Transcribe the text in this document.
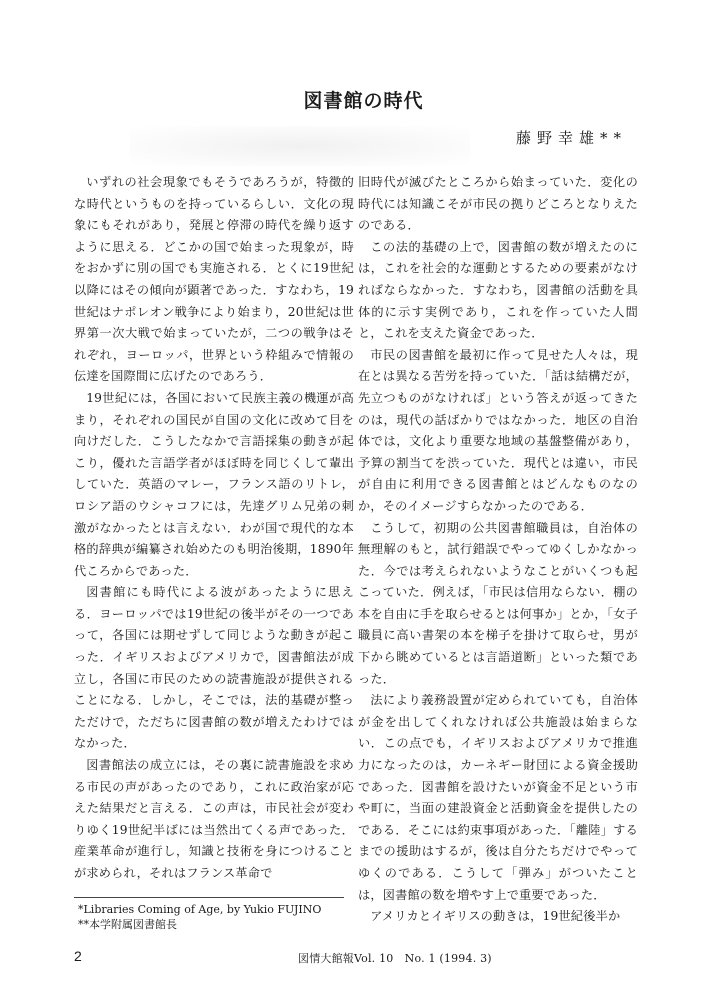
図書館の時代
藤野幸雄**

いずれの社会現象でもそうであろうが，特徴的な時代というものを持っているらしい．文化の現象にもそれがあり，発展と停滞の時代を繰り返すように思える．どこかの国で始まった現象が，時をおかずに別の国でも実施される．とくに19世紀以降にはその傾向が顕著であった．すなわち，19世紀はナポレオン戦争により始まり，20世紀は世界第一次大戦で始まっていたが，二つの戦争はそれぞれ，ヨーロッパ，世界という枠組みで情報の伝達を国際間に広げたのであろう．

19世紀には，各国において民族主義の機運が高まり，それぞれの国民が自国の文化に改めて目を向けだした．こうしたなかで言語採集の動きが起こり，優れた言語学者がほぼ時を同じくして輩出していた．英語のマレー，フランス語のリトレ，ロシア語のウシャコフには，先達グリム兄弟の刺激がなかったとは言えない．わが国で現代的な本格的辞典が編纂され始めたのも明治後期，1890年代ころからであった．

図書館にも時代による波があったように思える．ヨーロッパでは19世紀の後半がその一つであって，各国には期せずして同じような動きが起こった．イギリスおよびアメリカで，図書館法が成立し，各国に市民のための読書施設が提供されることになる．しかし，そこでは，法的基礎が整っただけで，ただちに図書館の数が増えたわけではなかった．

図書館法の成立には，その裏に読書施設を求める市民の声があったのであり，これに政治家が応えた結果だと言える．この声は，市民社会が変わりゆく19世紀半ばには当然出てくる声であった．産業革命が進行し，知識と技術を身につけることが求められ，それはフランス革命で

旧時代が滅びたところから始まっていた．変化の時代には知識こそが市民の拠りどころとなりえたのである．

この法的基礎の上で，図書館の数が増えたのには，これを社会的な運動とするための要素がなければならなかった．すなわち，図書館の活動を具体的に示す実例であり，これを作っていた人間と，これを支えた資金であった．

市民の図書館を最初に作って見せた人々は，現在とは異なる苦労を持っていた．「話は結構だが，先立つものがなければ」という答えが返ってきたのは，現代の話ばかりではなかった．地区の自治体では，文化より重要な地域の基盤整備があり，予算の割当てを渋っていた．現代とは違い，市民が自由に利用できる図書館とはどんなものなのか，そのイメージすらなかったのである．

こうして，初期の公共図書館職員は，自治体の無理解のもと，試行錯誤でやってゆくしかなかった．今では考えられないようなことがいくつも起こっていた．例えば，「市民は信用ならない．棚の本を自由に手を取らせるとは何事か」とか，「女子職員に高い書架の本を梯子を掛けて取らせ，男が下から眺めているとは言語道断」といった類であった．

法により義務設置が定められていても，自治体が金を出してくれなければ公共施設は始まらない．この点でも，イギリスおよびアメリカで推進力になったのは，カーネギー財団による資金援助であった．図書館を設けたいが資金不足という市や町に，当面の建設資金と活動資金を提供したのである．そこには約束事項があった．「離陸」するまでの援助はするが，後は自分たちだけでやってゆくのである．こうして「弾み」がついたことは，図書館の数を増やす上で重要であった．

アメリカとイギリスの動きは，19世紀後半か

*Libraries Coming of Age, by Yukio FUJINO
**本学附属図書館長
2	図情大館報Vol. 10　No. 1 (1994. 3)
